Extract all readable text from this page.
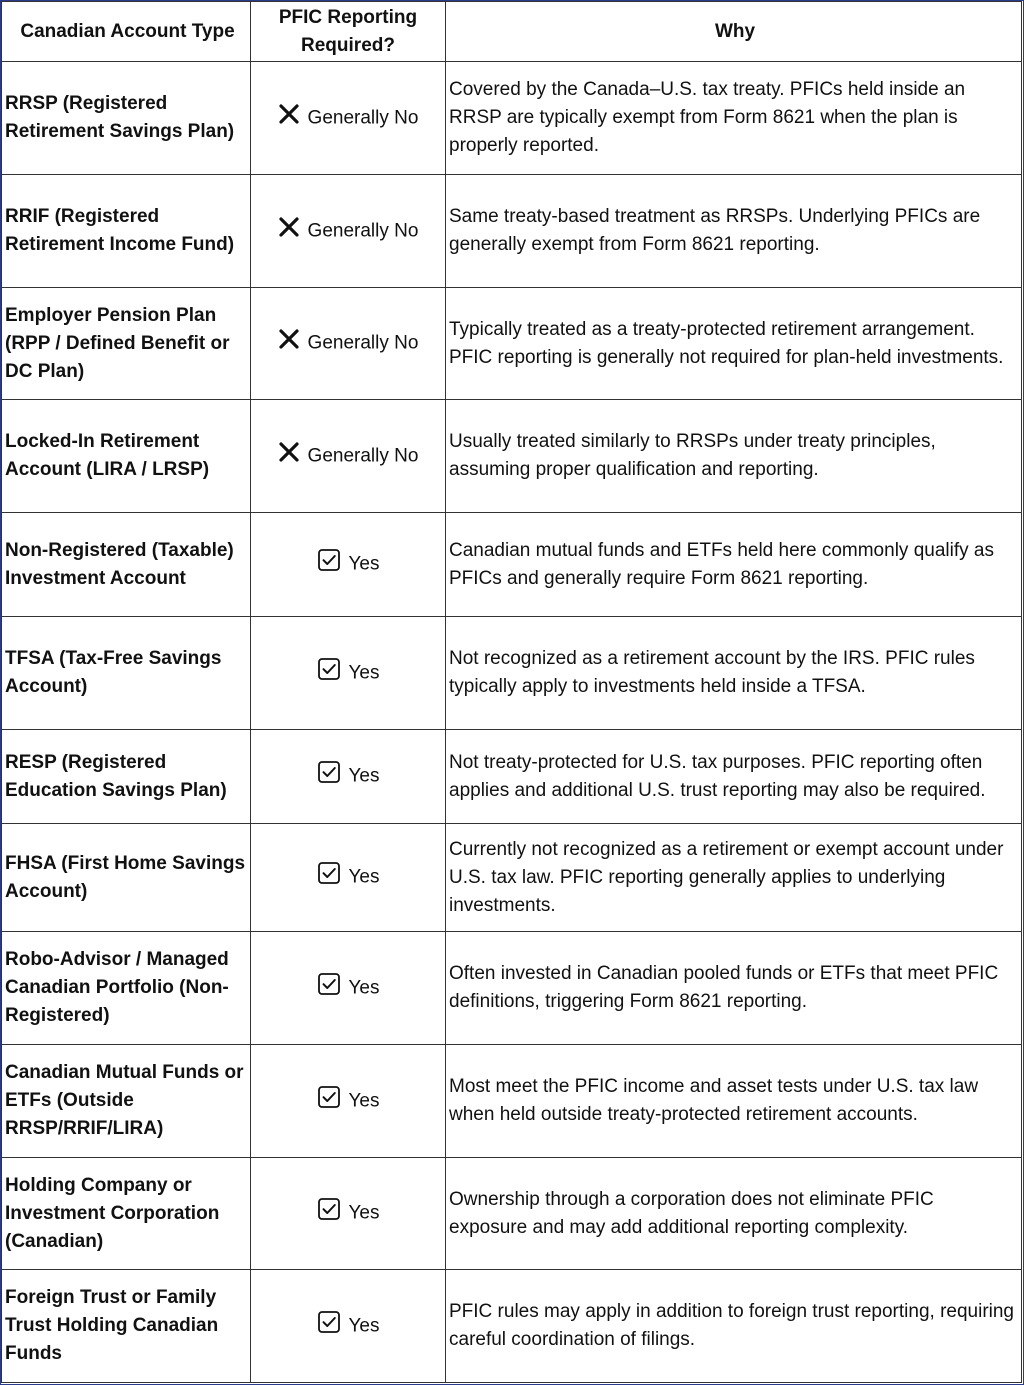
Canadian Account Type	PFIC Reporting Required?	Why
RRSP (Registered Retirement Savings Plan)	Generally No	Covered by the Canada–U.S. tax treaty. PFICs held inside an RRSP are typically exempt from Form 8621 when the plan is properly reported.
RRIF (Registered Retirement Income Fund)	Generally No	Same treaty-based treatment as RRSPs. Underlying PFICs are generally exempt from Form 8621 reporting.
Employer Pension Plan (RPP / Defined Benefit or DC Plan)	Generally No	Typically treated as a treaty-protected retirement arrangement. PFIC reporting is generally not required for plan-held investments.
Locked-In Retirement Account (LIRA / LRSP)	Generally No	Usually treated similarly to RRSPs under treaty principles, assuming proper qualification and reporting.
Non-Registered (Taxable) Investment Account	Yes	Canadian mutual funds and ETFs held here commonly qualify as PFICs and generally require Form 8621 reporting.
TFSA (Tax-Free Savings Account)	Yes	Not recognized as a retirement account by the IRS. PFIC rules typically apply to investments held inside a TFSA.
RESP (Registered Education Savings Plan)	Yes	Not treaty-protected for U.S. tax purposes. PFIC reporting often applies and additional U.S. trust reporting may also be required.
FHSA (First Home Savings Account)	Yes	Currently not recognized as a retirement or exempt account under U.S. tax law. PFIC reporting generally applies to underlying investments.
Robo-Advisor / Managed Canadian Portfolio (Non-Registered)	Yes	Often invested in Canadian pooled funds or ETFs that meet PFIC definitions, triggering Form 8621 reporting.
Canadian Mutual Funds or ETFs (Outside RRSP/RRIF/LIRA)	Yes	Most meet the PFIC income and asset tests under U.S. tax law when held outside treaty-protected retirement accounts.
Holding Company or Investment Corporation (Canadian)	Yes	Ownership through a corporation does not eliminate PFIC exposure and may add additional reporting complexity.
Foreign Trust or Family Trust Holding Canadian Funds	Yes	PFIC rules may apply in addition to foreign trust reporting, requiring careful coordination of filings.
